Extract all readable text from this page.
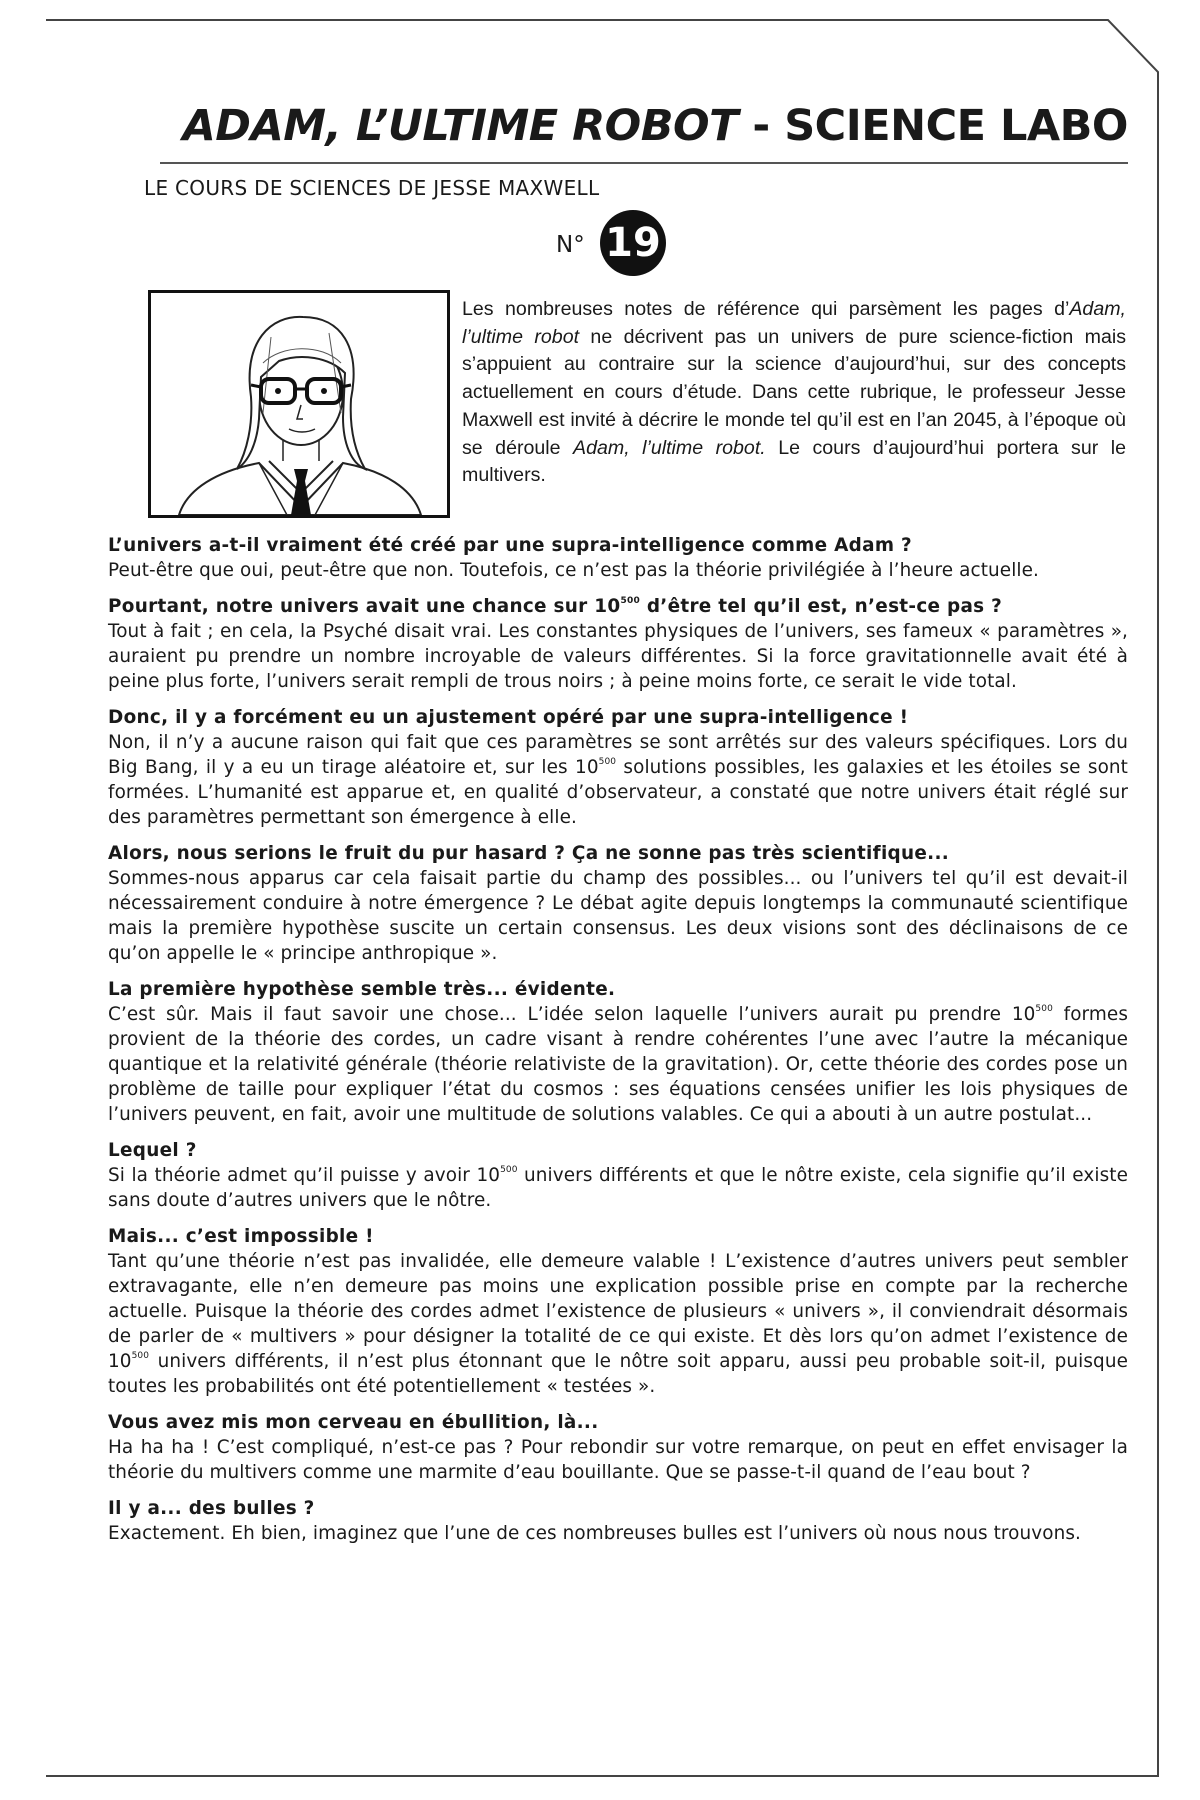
ADAM, L’ULTIME ROBOT - SCIENCE LABO
LE COURS DE SCIENCES DE JESSE MAXWELL
N° 19

Les nombreuses notes de référence qui parsèment les pages d’Adam, l’ultime robot ne décrivent pas un univers de pure science-fiction mais s’appuient au contraire sur la science d’aujourd’hui, sur des concepts actuellement en cours d’étude. Dans cette rubrique, le professeur Jesse Maxwell est invité à décrire le monde tel qu’il est en l’an 2045, à l’époque où se déroule Adam, l’ultime robot. Le cours d’aujourd’hui portera sur le multivers.

L’univers a-t-il vraiment été créé par une supra-intelligence comme Adam ?

Peut-être que oui, peut-être que non. Toutefois, ce n’est pas la théorie privilégiée à l’heure actuelle.

Pourtant, notre univers avait une chance sur $10^{500}$ d’être tel qu’il est, n’est-ce pas ?

Tout à fait ; en cela, la Psyché disait vrai. Les constantes physiques de l’univers, ses fameux « paramètres », auraient pu prendre un nombre incroyable de valeurs différentes. Si la force gravitationnelle avait été à peine plus forte, l’univers serait rempli de trous noirs ; à peine moins forte, ce serait le vide total.

Donc, il y a forcément eu un ajustement opéré par une supra-intelligence !

Non, il n’y a aucune raison qui fait que ces paramètres se sont arrêtés sur des valeurs spécifiques. Lors du Big Bang, il y a eu un tirage aléatoire et, sur les $10^{500}$ solutions possibles, les galaxies et les étoiles se sont formées. L’humanité est apparue et, en qualité d’observateur, a constaté que notre univers était réglé sur des paramètres permettant son émergence à elle.

Alors, nous serions le fruit du pur hasard ? Ça ne sonne pas très scientifique...

Sommes-nous apparus car cela faisait partie du champ des possibles... ou l’univers tel qu’il est devait-il nécessairement conduire à notre émergence ? Le débat agite depuis longtemps la communauté scientifique mais la première hypothèse suscite un certain consensus. Les deux visions sont des déclinaisons de ce qu’on appelle le « principe anthropique ».

La première hypothèse semble très... évidente.

C’est sûr. Mais il faut savoir une chose... L’idée selon laquelle l’univers aurait pu prendre $10^{500}$ formes provient de la théorie des cordes, un cadre visant à rendre cohérentes l’une avec l’autre la mécanique quantique et la relativité générale (théorie relativiste de la gravitation). Or, cette théorie des cordes pose un problème de taille pour expliquer l’état du cosmos : ses équations censées unifier les lois physiques de l’univers peuvent, en fait, avoir une multitude de solutions valables. Ce qui a abouti à un autre postulat...

Lequel ?

Si la théorie admet qu’il puisse y avoir $10^{500}$ univers différents et que le nôtre existe, cela signifie qu’il existe sans doute d’autres univers que le nôtre.

Mais... c’est impossible !

Tant qu’une théorie n’est pas invalidée, elle demeure valable ! L’existence d’autres univers peut sembler extravagante, elle n’en demeure pas moins une explication possible prise en compte par la recherche actuelle. Puisque la théorie des cordes admet l’existence de plusieurs « univers », il conviendrait désormais de parler de « multivers » pour désigner la totalité de ce qui existe. Et dès lors qu’on admet l’existence de $10^{500}$ univers différents, il n’est plus étonnant que le nôtre soit apparu, aussi peu probable soit-il, puisque toutes les probabilités ont été potentiellement « testées ».

Vous avez mis mon cerveau en ébullition, là...

Ha ha ha ! C’est compliqué, n’est-ce pas ? Pour rebondir sur votre remarque, on peut en effet envisager la théorie du multivers comme une marmite d’eau bouillante. Que se passe-t-il quand de l’eau bout ?

Il y a... des bulles ?

Exactement. Eh bien, imaginez que l’une de ces nombreuses bulles est l’univers où nous nous trouvons.
